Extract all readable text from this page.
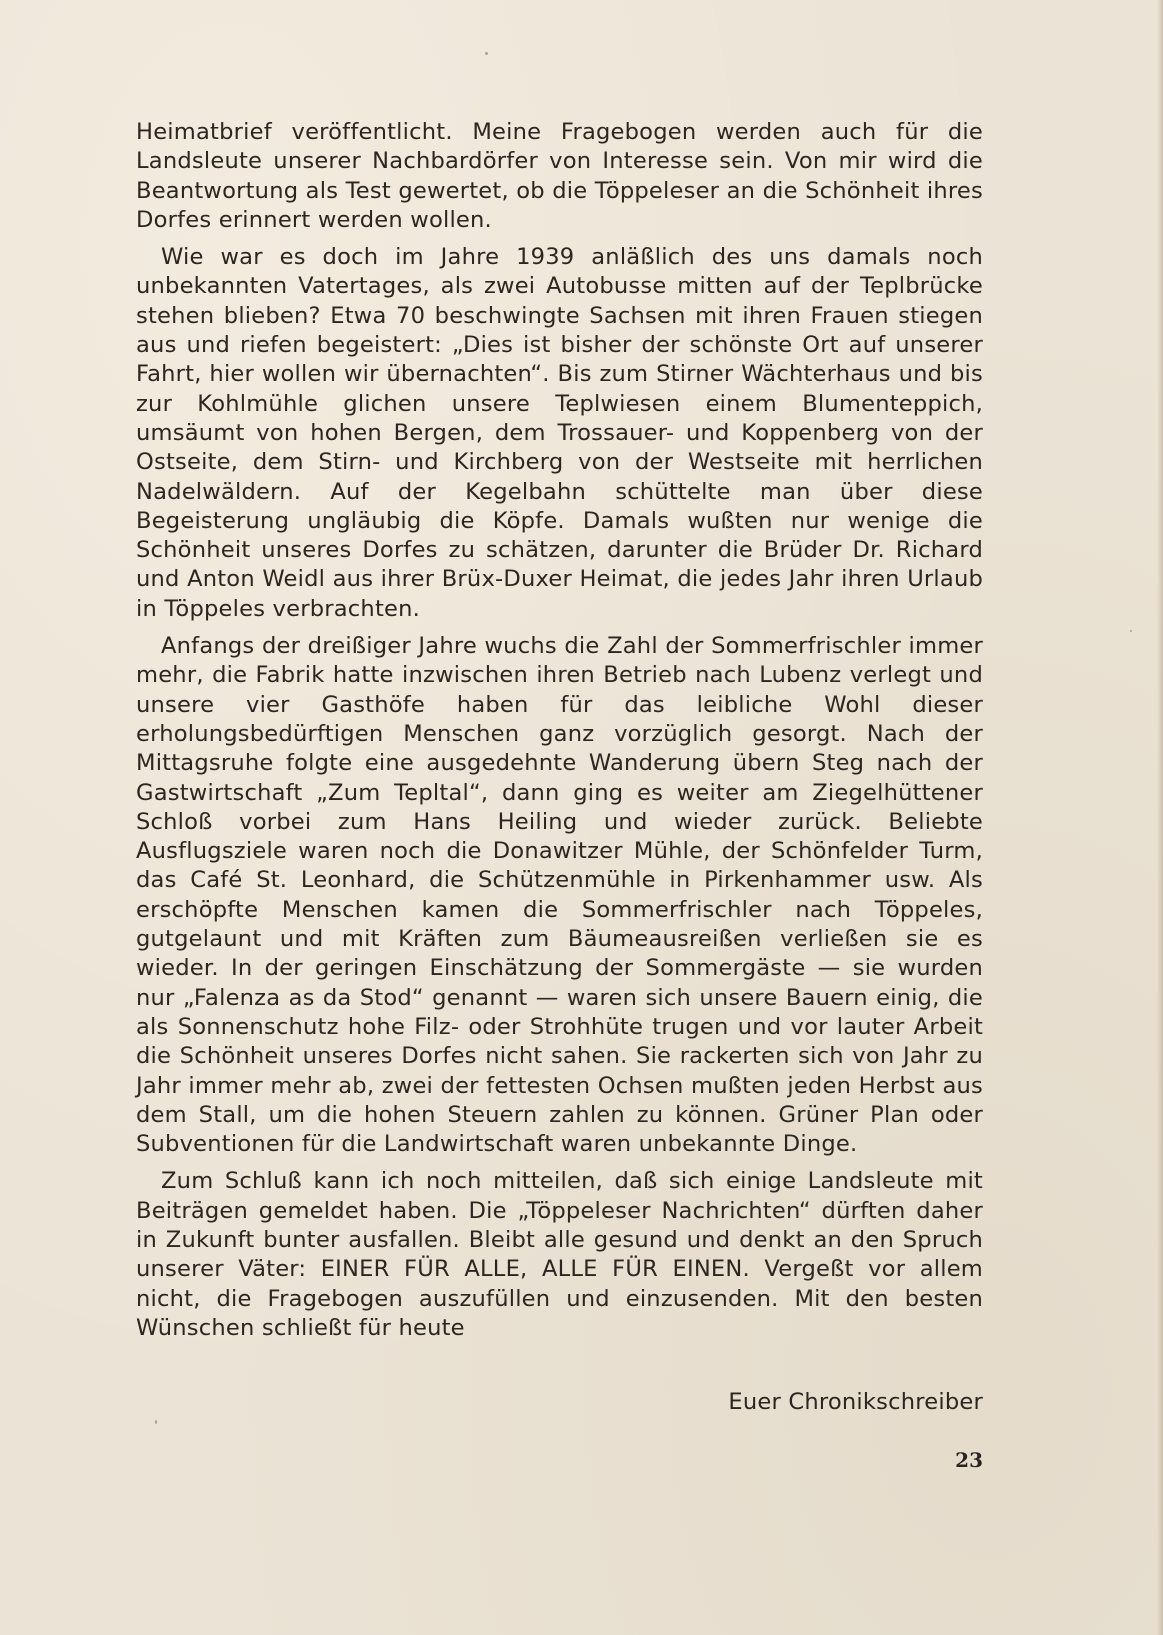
Heimatbrief veröffentlicht. Meine Fragebogen werden auch für die Landsleute unserer Nachbardörfer von Interesse sein. Von mir wird die Beantwortung als Test gewertet, ob die Töppeleser an die Schönheit ihres Dorfes erinnert werden wollen.

Wie war es doch im Jahre 1939 anläßlich des uns damals noch unbekannten Vatertages, als zwei Autobusse mitten auf der Teplbrücke stehen blieben? Etwa 70 beschwingte Sachsen mit ihren Frauen stiegen aus und riefen begeistert: „Dies ist bisher der schönste Ort auf unserer Fahrt, hier wollen wir übernachten“. Bis zum Stirner Wächterhaus und bis zur Kohlmühle glichen unsere Teplwiesen einem Blumenteppich, umsäumt von hohen Bergen, dem Trossauer- und Koppenberg von der Ostseite, dem Stirn- und Kirchberg von der Westseite mit herrlichen Nadelwäldern. Auf der Kegelbahn schüttelte man über diese Begeisterung ungläubig die Köpfe. Damals wußten nur wenige die Schönheit unseres Dorfes zu schätzen, darunter die Brüder Dr. Richard und Anton Weidl aus ihrer Brüx-Duxer Heimat, die jedes Jahr ihren Urlaub in Töppeles verbrachten.

Anfangs der dreißiger Jahre wuchs die Zahl der Sommerfrischler immer mehr, die Fabrik hatte inzwischen ihren Betrieb nach Lubenz verlegt und unsere vier Gasthöfe haben für das leibliche Wohl dieser erholungsbedürftigen Menschen ganz vorzüglich gesorgt. Nach der Mittagsruhe folgte eine ausgedehnte Wanderung übern Steg nach der Gastwirtschaft „Zum Tepltal“, dann ging es weiter am Ziegelhüttener Schloß vorbei zum Hans Heiling und wieder zurück. Beliebte Ausflugsziele waren noch die Donawitzer Mühle, der Schönfelder Turm, das Café St. Leonhard, die Schützenmühle in Pirkenhammer usw. Als erschöpfte Menschen kamen die Sommerfrischler nach Töppeles, gutgelaunt und mit Kräften zum Bäumeausreißen verließen sie es wieder. In der geringen Einschätzung der Sommergäste — sie wurden nur „Falenza as da Stod“ genannt — waren sich unsere Bauern einig, die als Sonnenschutz hohe Filz- oder Strohhüte trugen und vor lauter Arbeit die Schönheit unseres Dorfes nicht sahen. Sie rackerten sich von Jahr zu Jahr immer mehr ab, zwei der fettesten Ochsen mußten jeden Herbst aus dem Stall, um die hohen Steuern zahlen zu können. Grüner Plan oder Subventionen für die Landwirtschaft waren unbekannte Dinge.

Zum Schluß kann ich noch mitteilen, daß sich einige Landsleute mit Beiträgen gemeldet haben. Die „Töppeleser Nachrichten“ dürften daher in Zukunft bunter ausfallen. Bleibt alle gesund und denkt an den Spruch unserer Väter: EINER FÜR ALLE, ALLE FÜR EINEN. Vergeßt vor allem nicht, die Fragebogen auszufüllen und einzusenden. Mit den besten Wünschen schließt für heute

Euer Chronikschreiber
23
